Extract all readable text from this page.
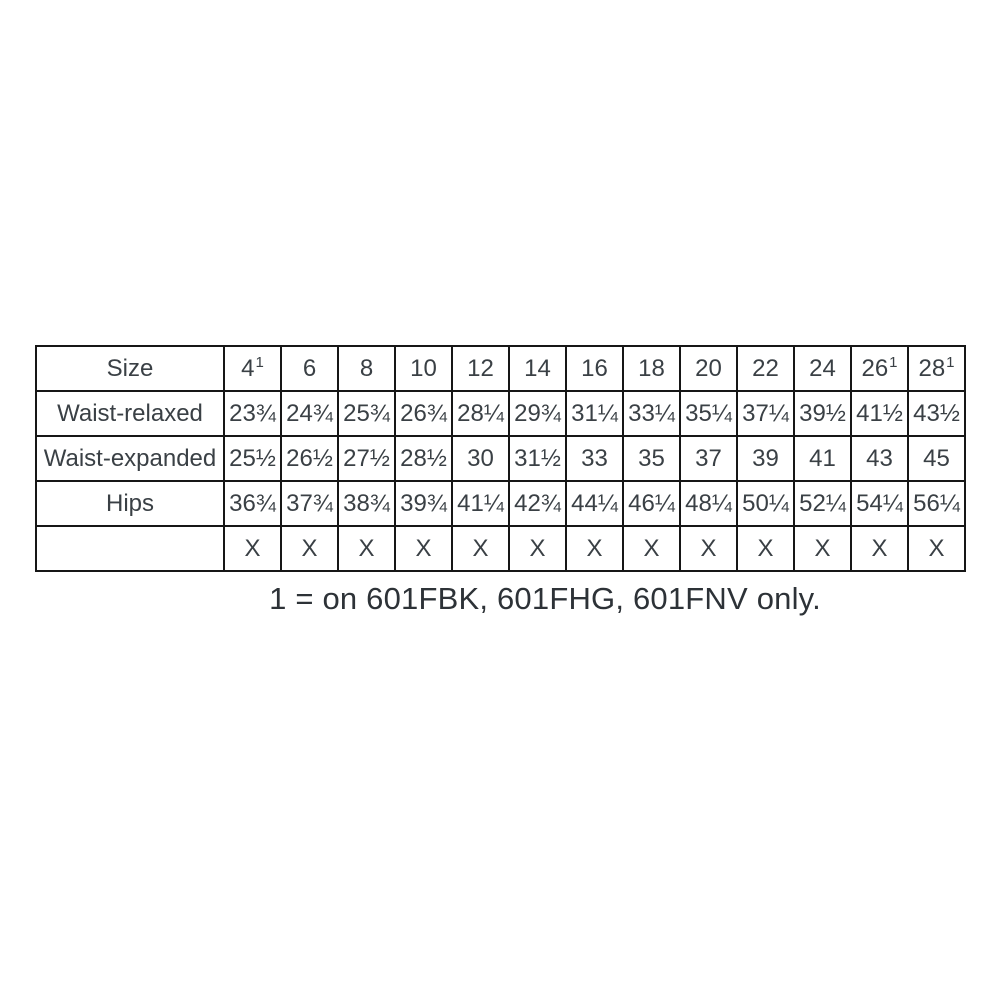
Size	$4^1$	6	8	10	12	14	16	18	20	22	24	$26^1$	$28^1$
Waist-relaxed	23¾	24¾	25¾	26¾	28¼	29¾	31¼	33¼	35¼	37¼	39½	41½	43½
Waist-expanded	25½	26½	27½	28½	30	31½	33	35	37	39	41	43	45
Hips	36¾	37¾	38¾	39¾	41¼	42¾	44¼	46¼	48¼	50¼	52¼	54¼	56¼
	X	X	X	X	X	X	X	X	X	X	X	X	X
1 = on 601FBK, 601FHG, 601FNV only.
